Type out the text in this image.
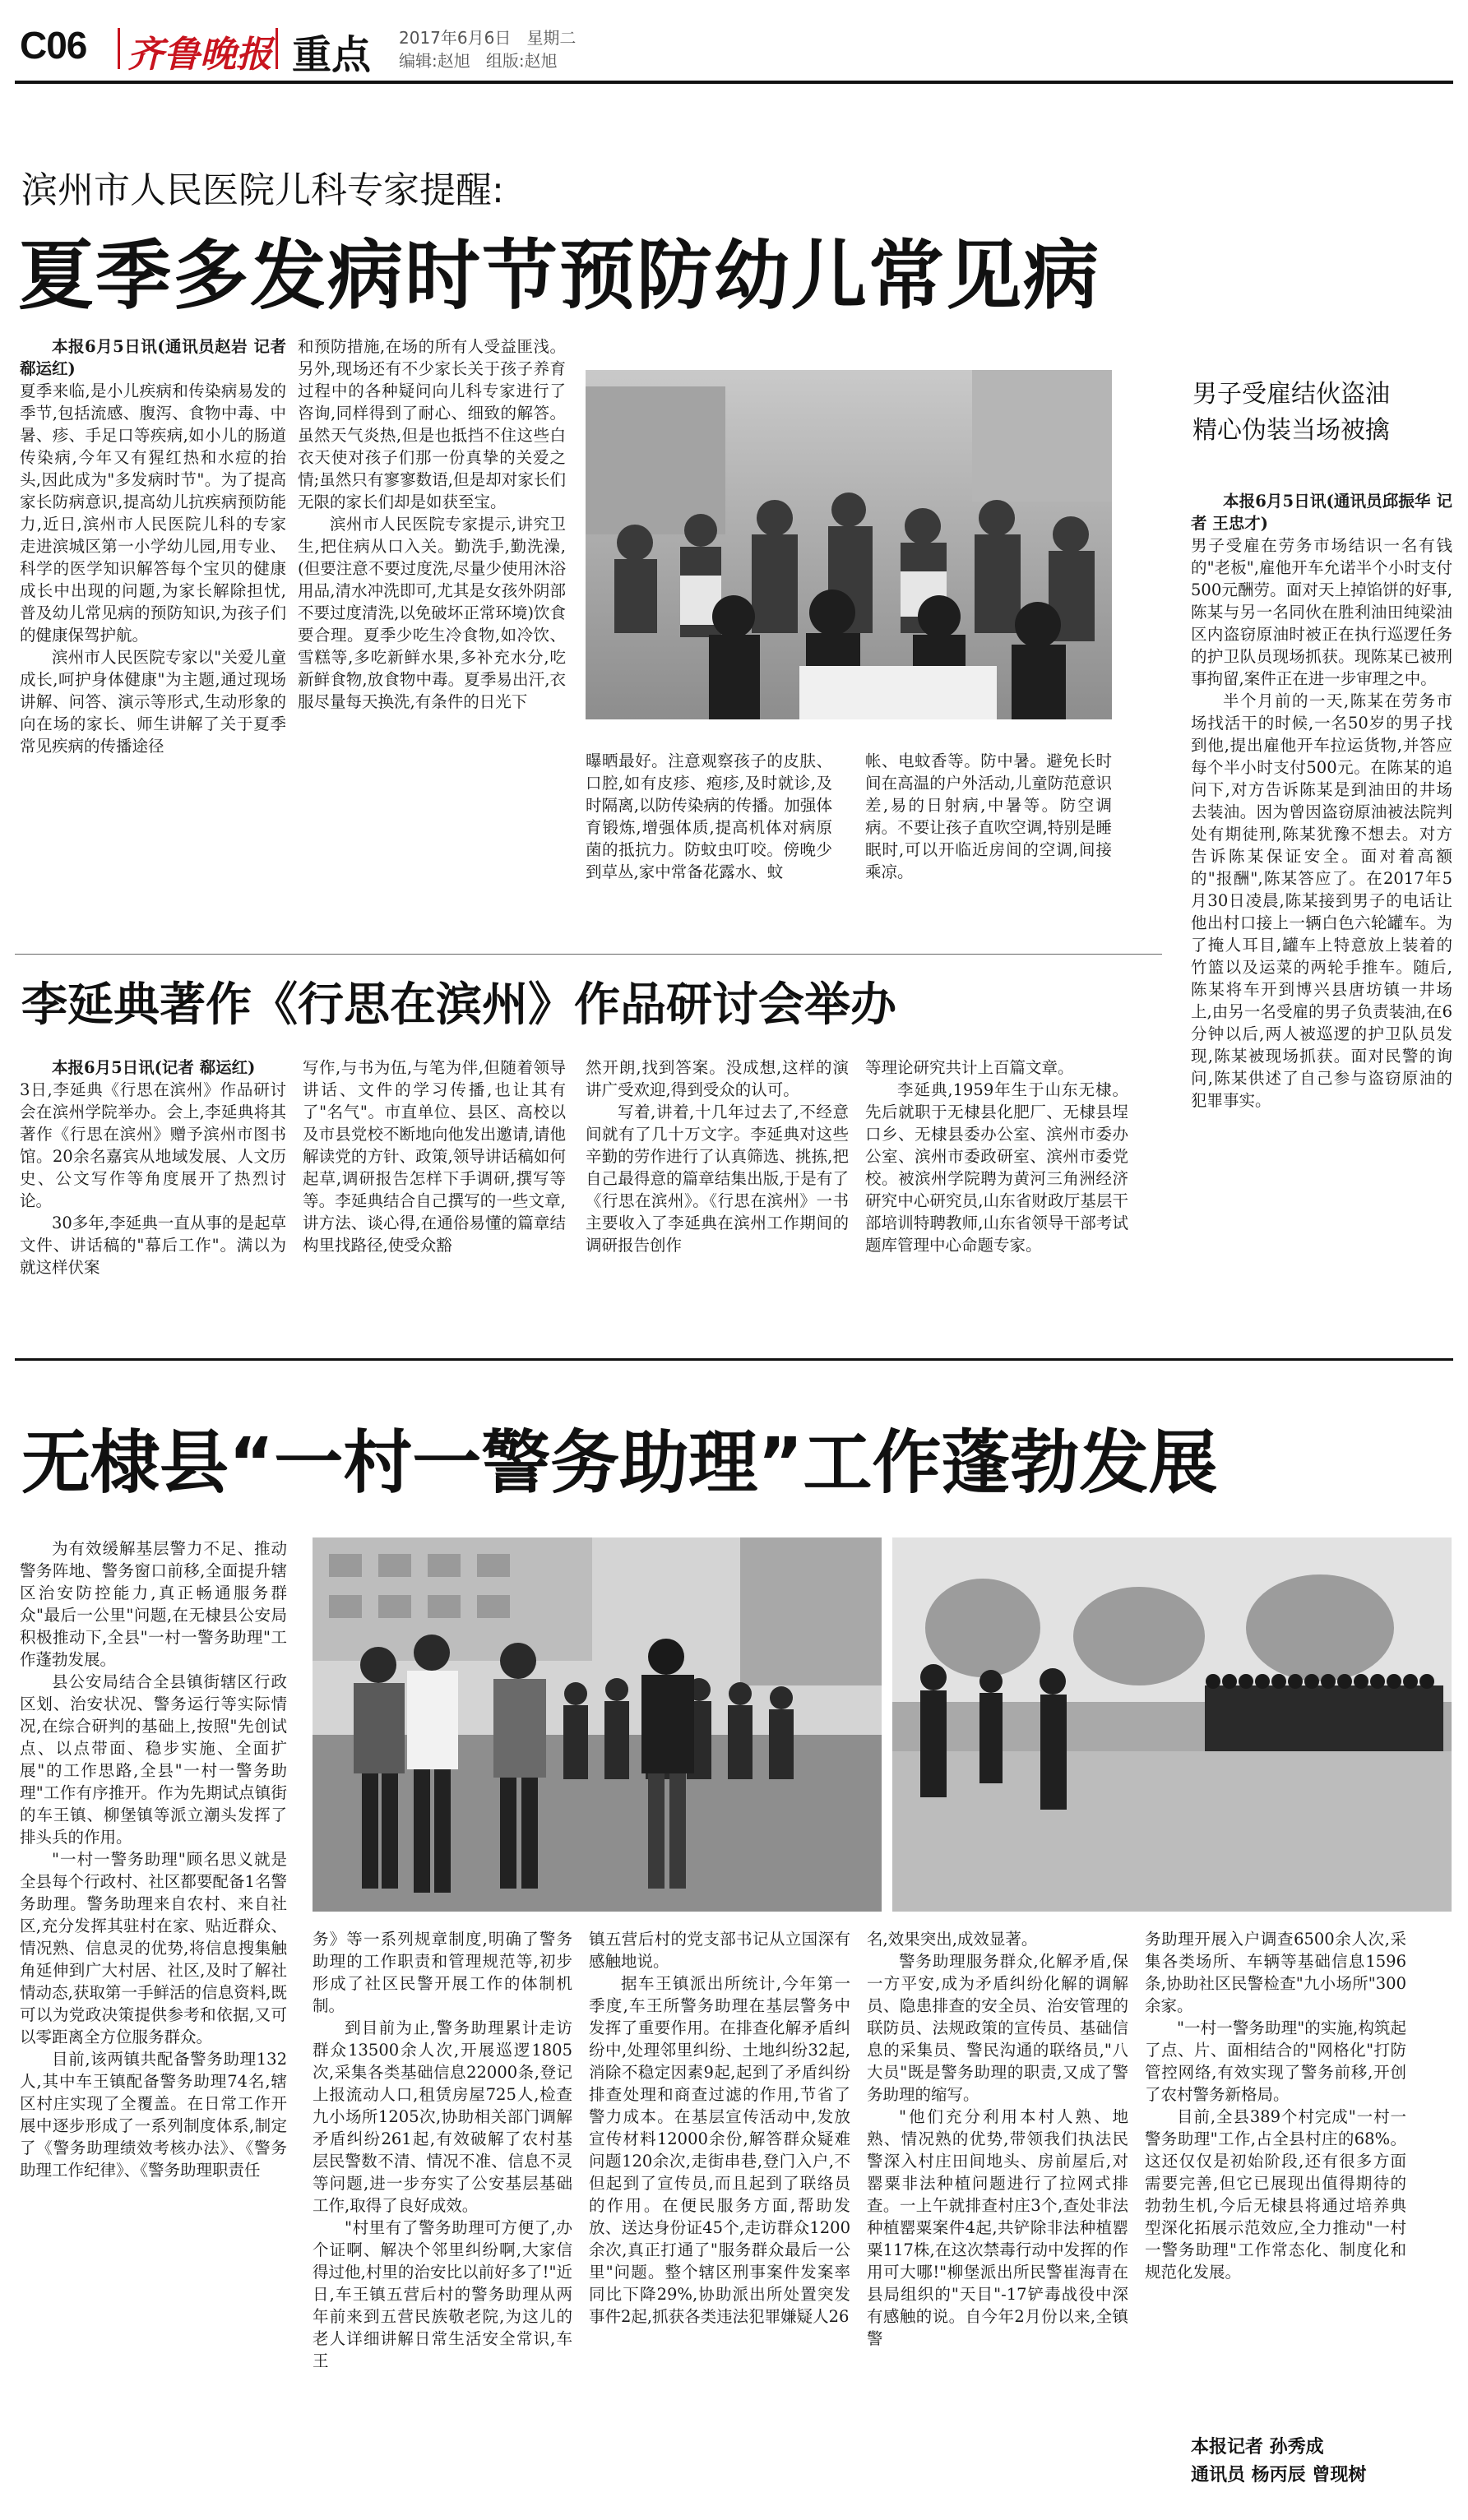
C06 齐鲁晚报 重点 2017年6月6日 星期二
编辑:赵旭 组版:赵旭
滨州市人民医院儿科专家提醒:
夏季多发病时节预防幼儿常见病

本报6月5日讯(通讯员赵岩 记者 郗运红)

夏季来临,是小儿疾病和传染病易发的季节,包括流感、腹泻、食物中毒、中暑、疹、手足口等疾病,如小儿的肠道传染病,今年又有猩红热和水痘的抬头,因此成为"多发病时节"。为了提高家长防病意识,提高幼儿抗疾病预防能力,近日,滨州市人民医院儿科的专家走进滨城区第一小学幼儿园,用专业、科学的医学知识解答每个宝贝的健康成长中出现的问题,为家长解除担忧,普及幼儿常见病的预防知识,为孩子们的健康保驾护航。

滨州市人民医院专家以"关爱儿童成长,呵护身体健康"为主题,通过现场讲解、问答、演示等形式,生动形象的向在场的家长、师生讲解了关于夏季常见疾病的传播途径

和预防措施,在场的所有人受益匪浅。另外,现场还有不少家长关于孩子养育过程中的各种疑问向儿科专家进行了咨询,同样得到了耐心、细致的解答。虽然天气炎热,但是也抵挡不住这些白衣天使对孩子们那一份真挚的关爱之情;虽然只有寥寥数语,但是却对家长们无限的家长们却是如获至宝。

滨州市人民医院专家提示,讲究卫生,把住病从口入关。勤洗手,勤洗澡,(但要注意不要过度洗,尽量少使用沐浴用品,清水冲洗即可,尤其是女孩外阴部不要过度清洗,以免破坏正常环境)饮食要合理。夏季少吃生冷食物,如冷饮、雪糕等,多吃新鲜水果,多补充水分,吃新鲜食物,放食物中毒。夏季易出汗,衣服尽量每天换洗,有条件的日光下

曝晒最好。注意观察孩子的皮肤、口腔,如有皮疹、疱疹,及时就诊,及时隔离,以防传染病的传播。加强体育锻炼,增强体质,提高机体对病原菌的抵抗力。防蚊虫叮咬。傍晚少到草丛,家中常备花露水、蚊

帐、电蚊香等。防中暑。避免长时间在高温的户外活动,儿童防范意识差,易的日射病,中暑等。防空调病。不要让孩子直吹空调,特别是睡眠时,可以开临近房间的空调,间接乘凉。

男子受雇结伙盗油
精心伪装当场被擒

本报6月5日讯(通讯员邱振华 记者 王忠才)

男子受雇在劳务市场结识一名有钱的"老板",雇他开车允诺半个小时支付500元酬劳。面对天上掉馅饼的好事,陈某与另一名同伙在胜利油田纯梁油区内盗窃原油时被正在执行巡逻任务的护卫队员现场抓获。现陈某已被刑事拘留,案件正在进一步审理之中。

半个月前的一天,陈某在劳务市场找活干的时候,一名50岁的男子找到他,提出雇他开车拉运货物,并答应每个半小时支付500元。在陈某的追问下,对方告诉陈某是到油田的井场去装油。因为曾因盗窃原油被法院判处有期徒刑,陈某犹豫不想去。对方告诉陈某保证安全。面对着高额的"报酬",陈某答应了。在2017年5月30日凌晨,陈某接到男子的电话让他出村口接上一辆白色六轮罐车。为了掩人耳目,罐车上特意放上装着的竹篮以及运菜的两轮手推车。随后,陈某将车开到博兴县唐坊镇一井场上,由另一名受雇的男子负责装油,在6分钟以后,两人被巡逻的护卫队员发现,陈某被现场抓获。面对民警的询问,陈某供述了自己参与盗窃原油的犯罪事实。

李延典著作《行思在滨州》作品研讨会举办

本报6月5日讯(记者 郗运红)

3日,李延典《行思在滨州》作品研讨会在滨州学院举办。会上,李延典将其著作《行思在滨州》赠予滨州市图书馆。20余名嘉宾从地域发展、人文历史、公文写作等角度展开了热烈讨论。

30多年,李延典一直从事的是起草文件、讲话稿的"幕后工作"。满以为就这样伏案

写作,与书为伍,与笔为伴,但随着领导讲话、文件的学习传播,也让其有了"名气"。市直单位、县区、高校以及市县党校不断地向他发出邀请,请他解读党的方针、政策,领导讲话稿如何起草,调研报告怎样下手调研,撰写等等。李延典结合自己撰写的一些文章,讲方法、谈心得,在通俗易懂的篇章结构里找路径,使受众豁

然开朗,找到答案。没成想,这样的演讲广受欢迎,得到受众的认可。

写着,讲着,十几年过去了,不经意间就有了几十万文字。李延典对这些辛勤的劳作进行了认真筛选、挑拣,把自己最得意的篇章结集出版,于是有了《行思在滨州》。《行思在滨州》一书主要收入了李延典在滨州工作期间的调研报告创作

等理论研究共计上百篇文章。

李延典,1959年生于山东无棣。先后就职于无棣县化肥厂、无棣县埕口乡、无棣县委办公室、滨州市委办公室、滨州市委政研室、滨州市委党校。被滨州学院聘为黄河三角洲经济研究中心研究员,山东省财政厅基层干部培训特聘教师,山东省领导干部考试题库管理中心命题专家。

无棣县“一村一警务助理”工作蓬勃发展

为有效缓解基层警力不足、推动警务阵地、警务窗口前移,全面提升辖区治安防控能力,真正畅通服务群众"最后一公里"问题,在无棣县公安局积极推动下,全县"一村一警务助理"工作蓬勃发展。

县公安局结合全县镇街辖区行政区划、治安状况、警务运行等实际情况,在综合研判的基础上,按照"先创试点、以点带面、稳步实施、全面扩展"的工作思路,全县"一村一警务助理"工作有序推开。作为先期试点镇街的车王镇、柳堡镇等派立潮头发挥了排头兵的作用。

"一村一警务助理"顾名思义就是全县每个行政村、社区都要配备1名警务助理。警务助理来自农村、来自社区,充分发挥其驻村在家、贴近群众、情况熟、信息灵的优势,将信息搜集触角延伸到广大村居、社区,及时了解社情动态,获取第一手鲜活的信息资料,既可以为党政决策提供参考和依据,又可以零距离全方位服务群众。

目前,该两镇共配备警务助理132人,其中车王镇配备警务助理74名,辖区村庄实现了全覆盖。在日常工作开展中逐步形成了一系列制度体系,制定了《警务助理绩效考核办法》、《警务助理工作纪律》、《警务助理职责任

务》等一系列规章制度,明确了警务助理的工作职责和管理规范等,初步形成了社区民警开展工作的体制机制。

到目前为止,警务助理累计走访群众13500余人次,开展巡逻1805次,采集各类基础信息22000条,登记上报流动人口,租赁房屋725人,检查九小场所1205次,协助相关部门调解矛盾纠纷261起,有效破解了农村基层民警数不清、情况不准、信息不灵等问题,进一步夯实了公安基层基础工作,取得了良好成效。

"村里有了警务助理可方便了,办个证啊、解决个邻里纠纷啊,大家信得过他,村里的治安比以前好多了!"近日,车王镇五营后村的警务助理从两年前来到五营民族敬老院,为这儿的老人详细讲解日常生活安全常识,车王

镇五营后村的党支部书记从立国深有感触地说。

据车王镇派出所统计,今年第一季度,车王所警务助理在基层警务中发挥了重要作用。在排查化解矛盾纠纷中,处理邻里纠纷、土地纠纷32起,消除不稳定因素9起,起到了矛盾纠纷排查处理和商查过滤的作用,节省了警力成本。在基层宣传活动中,发放宣传材料12000余份,解答群众疑难问题120余次,走街串巷,登门入户,不但起到了宣传员,而且起到了联络员的作用。在便民服务方面,帮助发放、送达身份证45个,走访群众1200余次,真正打通了"服务群众最后一公里"问题。整个辖区刑事案件发案率同比下降29%,协助派出所处置突发事件2起,抓获各类违法犯罪嫌疑人26

名,效果突出,成效显著。

警务助理服务群众,化解矛盾,保一方平安,成为矛盾纠纷化解的调解员、隐患排查的安全员、治安管理的联防员、法规政策的宣传员、基础信息的采集员、警民沟通的联络员,"八大员"既是警务助理的职责,又成了警务助理的缩写。

"他们充分利用本村人熟、地熟、情况熟的优势,带领我们执法民警深入村庄田间地头、房前屋后,对罂粟非法种植问题进行了拉网式排查。一上午就排查村庄3个,查处非法种植罂粟案件4起,共铲除非法种植罂粟117株,在这次禁毒行动中发挥的作用可大哪!"柳堡派出所民警崔海青在县局组织的"天目"-17铲毒战役中深有感触的说。自今年2月份以来,全镇警

务助理开展入户调查6500余人次,采集各类场所、车辆等基础信息1596条,协助社区民警检查"九小场所"300余家。

"一村一警务助理"的实施,构筑起了点、片、面相结合的"网格化"打防管控网络,有效实现了警务前移,开创了农村警务新格局。

目前,全县389个村完成"一村一警务助理"工作,占全县村庄的68%。这还仅仅是初始阶段,还有很多方面需要完善,但它已展现出值得期待的勃勃生机,今后无棣县将通过培养典型深化拓展示范效应,全力推动"一村一警务助理"工作常态化、制度化和规范化发展。

本报记者 孙秀成
通讯员 杨丙辰 曾现树
